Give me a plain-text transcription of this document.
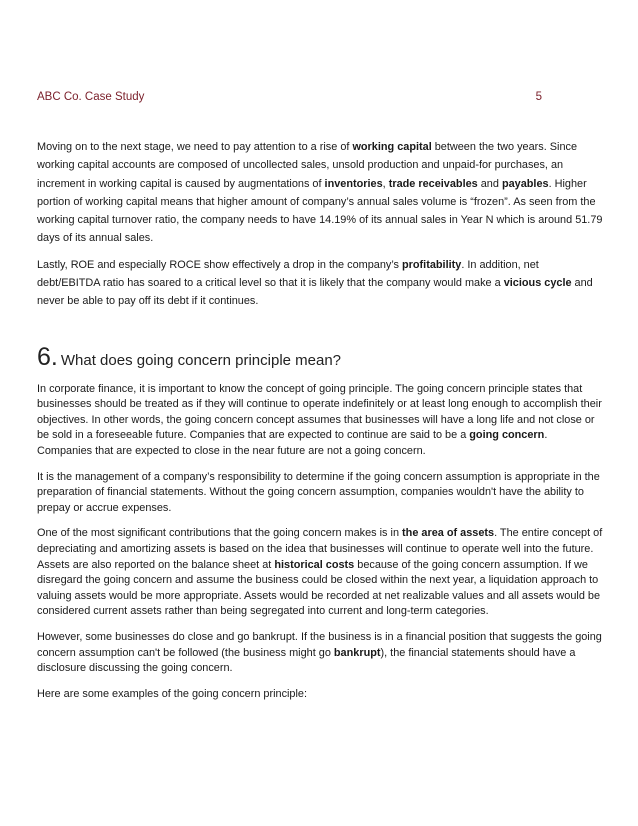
ABC Co. Case Study	5

Moving on to the next stage, we need to pay attention to a rise of working capital between the two years. Since working capital accounts are composed of uncollected sales, unsold production and unpaid-for purchases, an increment in working capital is caused by augmentations of inventories, trade receivables and payables. Higher portion of working capital means that higher amount of company’s annual sales volume is “frozen”. As seen from the working capital turnover ratio, the company needs to have 14.19% of its annual sales in Year N which is around 51.79 days of its annual sales.

Lastly, ROE and especially ROCE show effectively a drop in the company’s profitability. In addition, net debt/EBITDA ratio has soared to a critical level so that it is likely that the company would make a vicious cycle and never be able to pay off its debt if it continues.

6. What does going concern principle mean?

In corporate finance, it is important to know the concept of going principle. The going concern principle states that businesses should be treated as if they will continue to operate indefinitely or at least long enough to accomplish their objectives. In other words, the going concern concept assumes that businesses will have a long life and not close or be sold in a foreseeable future. Companies that are expected to continue are said to be a going concern. Companies that are expected to close in the near future are not a going concern.

It is the management of a company’s responsibility to determine if the going concern assumption is appropriate in the preparation of financial statements. Without the going concern assumption, companies wouldn't have the ability to prepay or accrue expenses.

One of the most significant contributions that the going concern makes is in the area of assets. The entire concept of depreciating and amortizing assets is based on the idea that businesses will continue to operate well into the future. Assets are also reported on the balance sheet at historical costs because of the going concern assumption. If we disregard the going concern and assume the business could be closed within the next year, a liquidation approach to valuing assets would be more appropriate. Assets would be recorded at net realizable values and all assets would be considered current assets rather than being segregated into current and long-term categories.

However, some businesses do close and go bankrupt. If the business is in a financial position that suggests the going concern assumption can't be followed (the business might go bankrupt), the financial statements should have a disclosure discussing the going concern.

Here are some examples of the going concern principle:
